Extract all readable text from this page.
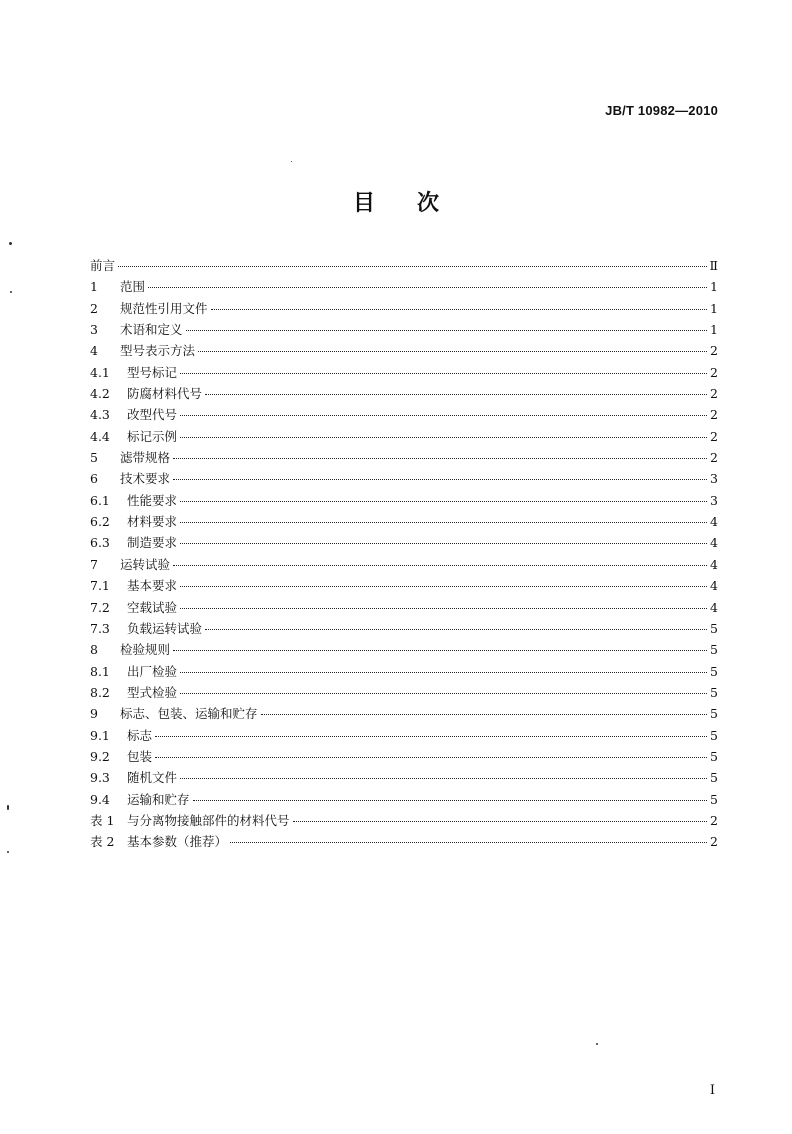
JB/T 10982—2010
目次
前言	Ⅱ
1	范围	1
2	规范性引用文件	1
3	术语和定义	1
4	型号表示方法	2
4.1	型号标记	2
4.2	防腐材料代号	2
4.3	改型代号	2
4.4	标记示例	2
5	滤带规格	2
6	技术要求	3
6.1	性能要求	3
6.2	材料要求	4
6.3	制造要求	4
7	运转试验	4
7.1	基本要求	4
7.2	空载试验	4
7.3	负载运转试验	5
8	检验规则	5
8.1	出厂检验	5
8.2	型式检验	5
9	标志、包装、运输和贮存	5
9.1	标志	5
9.2	包装	5
9.3	随机文件	5
9.4	运输和贮存	5
表 1	与分离物接触部件的材料代号	2
表 2	基本参数（推荐）	2
I
